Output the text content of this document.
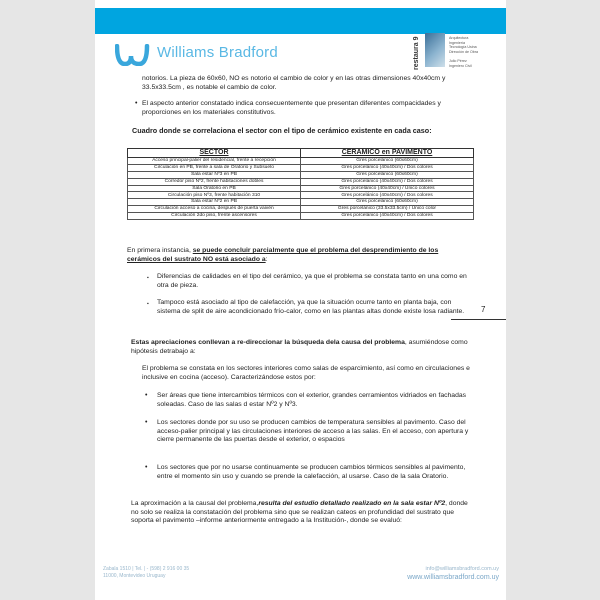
Williams Bradford	restaura 9	Arquitectura
Ingeniería
Tecnología Usina
Dirección de Obra

Julio Pérez
Ingeniero Civil
notorios. La pieza de 60x60, NO es notorio el cambio de color y en las otras dimensiones 40x40cm y 33.5x33.5cm , es notable el cambio de color.
• El aspecto anterior constatado indica consecuentemente que presentan diferentes compacidades y proporciones en los materiales constitutivos.
Cuadro donde se correlaciona el sector con el tipo de cerámico existente en cada caso:
SECTOR	CERAMICO en PAVIMENTO
Acceso principal-palier del residencial, frente a recepción	Gres porcelánico (60x60cm)
Circulación en PB, frente a sala de Oratorio y Subsuelo	Gres porcelánico (40x40cm) / Dos colores
Sala estar Nº3 en PB	Gres porcelánico (60x60cm)
Corredor piso Nº2, frente habitaciones dobles	Gres porcelánico (40x40cm) / Dos colores
Sala Oratorio en PB	Gres porcelánico (40x40cm) / Único colores
Circulación piso Nº3, frente habitación 310	Gres porcelánico (40x40cm) / Dos colores
Sala estar Nº2 en PB	Gres porcelánico (60x60cm)
Circulación acceso a cocina, después de puerta vaivén	Gres porcelánico (33.5x33.5cm) / Único color
Circulación 2do piso, frente ascensores	Gres porcelánico (40x40cm) / Dos colores
En primera instancia, se puede concluir parcialmente que el problema del desprendimiento de los cerámicos del sustrato NO está asociado a:
▪ Diferencias de calidades en el tipo del cerámico, ya que el problema se constata tanto en una como en otra de pieza.
▪ Tampoco está asociado al tipo de calefacción, ya que la situación ocurre tanto en planta baja, con sistema de split de aire acondicionado frío-calor, como en las plantas altas donde existe losa radiante.
Estas apreciaciones conllevan a re-direccionar la búsqueda dela causa del problema, asumiéndose como hipótesis detrabajo a:
El problema se constata en los sectores interiores como salas de esparcimiento, así como en circulaciones e inclusive en cocina (acceso). Caracterizándose estos por:
• Ser áreas que tiene intercambios térmicos con el exterior, grandes cerramientos vidriados en fachadas soleadas. Caso de las salas d estar Nº2 y Nº3.
• Los sectores donde por su uso se producen cambios de temperatura sensibles al pavimento. Caso del acceso-palier principal y las circulaciones interiores de acceso a las salas. En el acceso, con apertura y cierre permanente de las puertas desde el exterior, o espacios
• Los sectores que por no usarse continuamente se producen cambios térmicos sensibles al pavimento, entre el momento sin uso y cuando se prende la calefacción, al usarse. Caso de la sala Oratorio.
La aproximación a la causal del problema,resulta del estudio detallado realizado en la sala estar Nº2, donde no solo se realiza la constatación del problema sino que se realizan cateos en profundidad del sustrato que soporta el pavimento –informe anteriormente entregado a la Institución-, donde se evaluó:
7
Zabala 1510 | Tel. | - (598) 2 916 00 35
11000, Montevideo Uruguay
info@williamsbradford.com.uy
www.williamsbradford.com.uy
